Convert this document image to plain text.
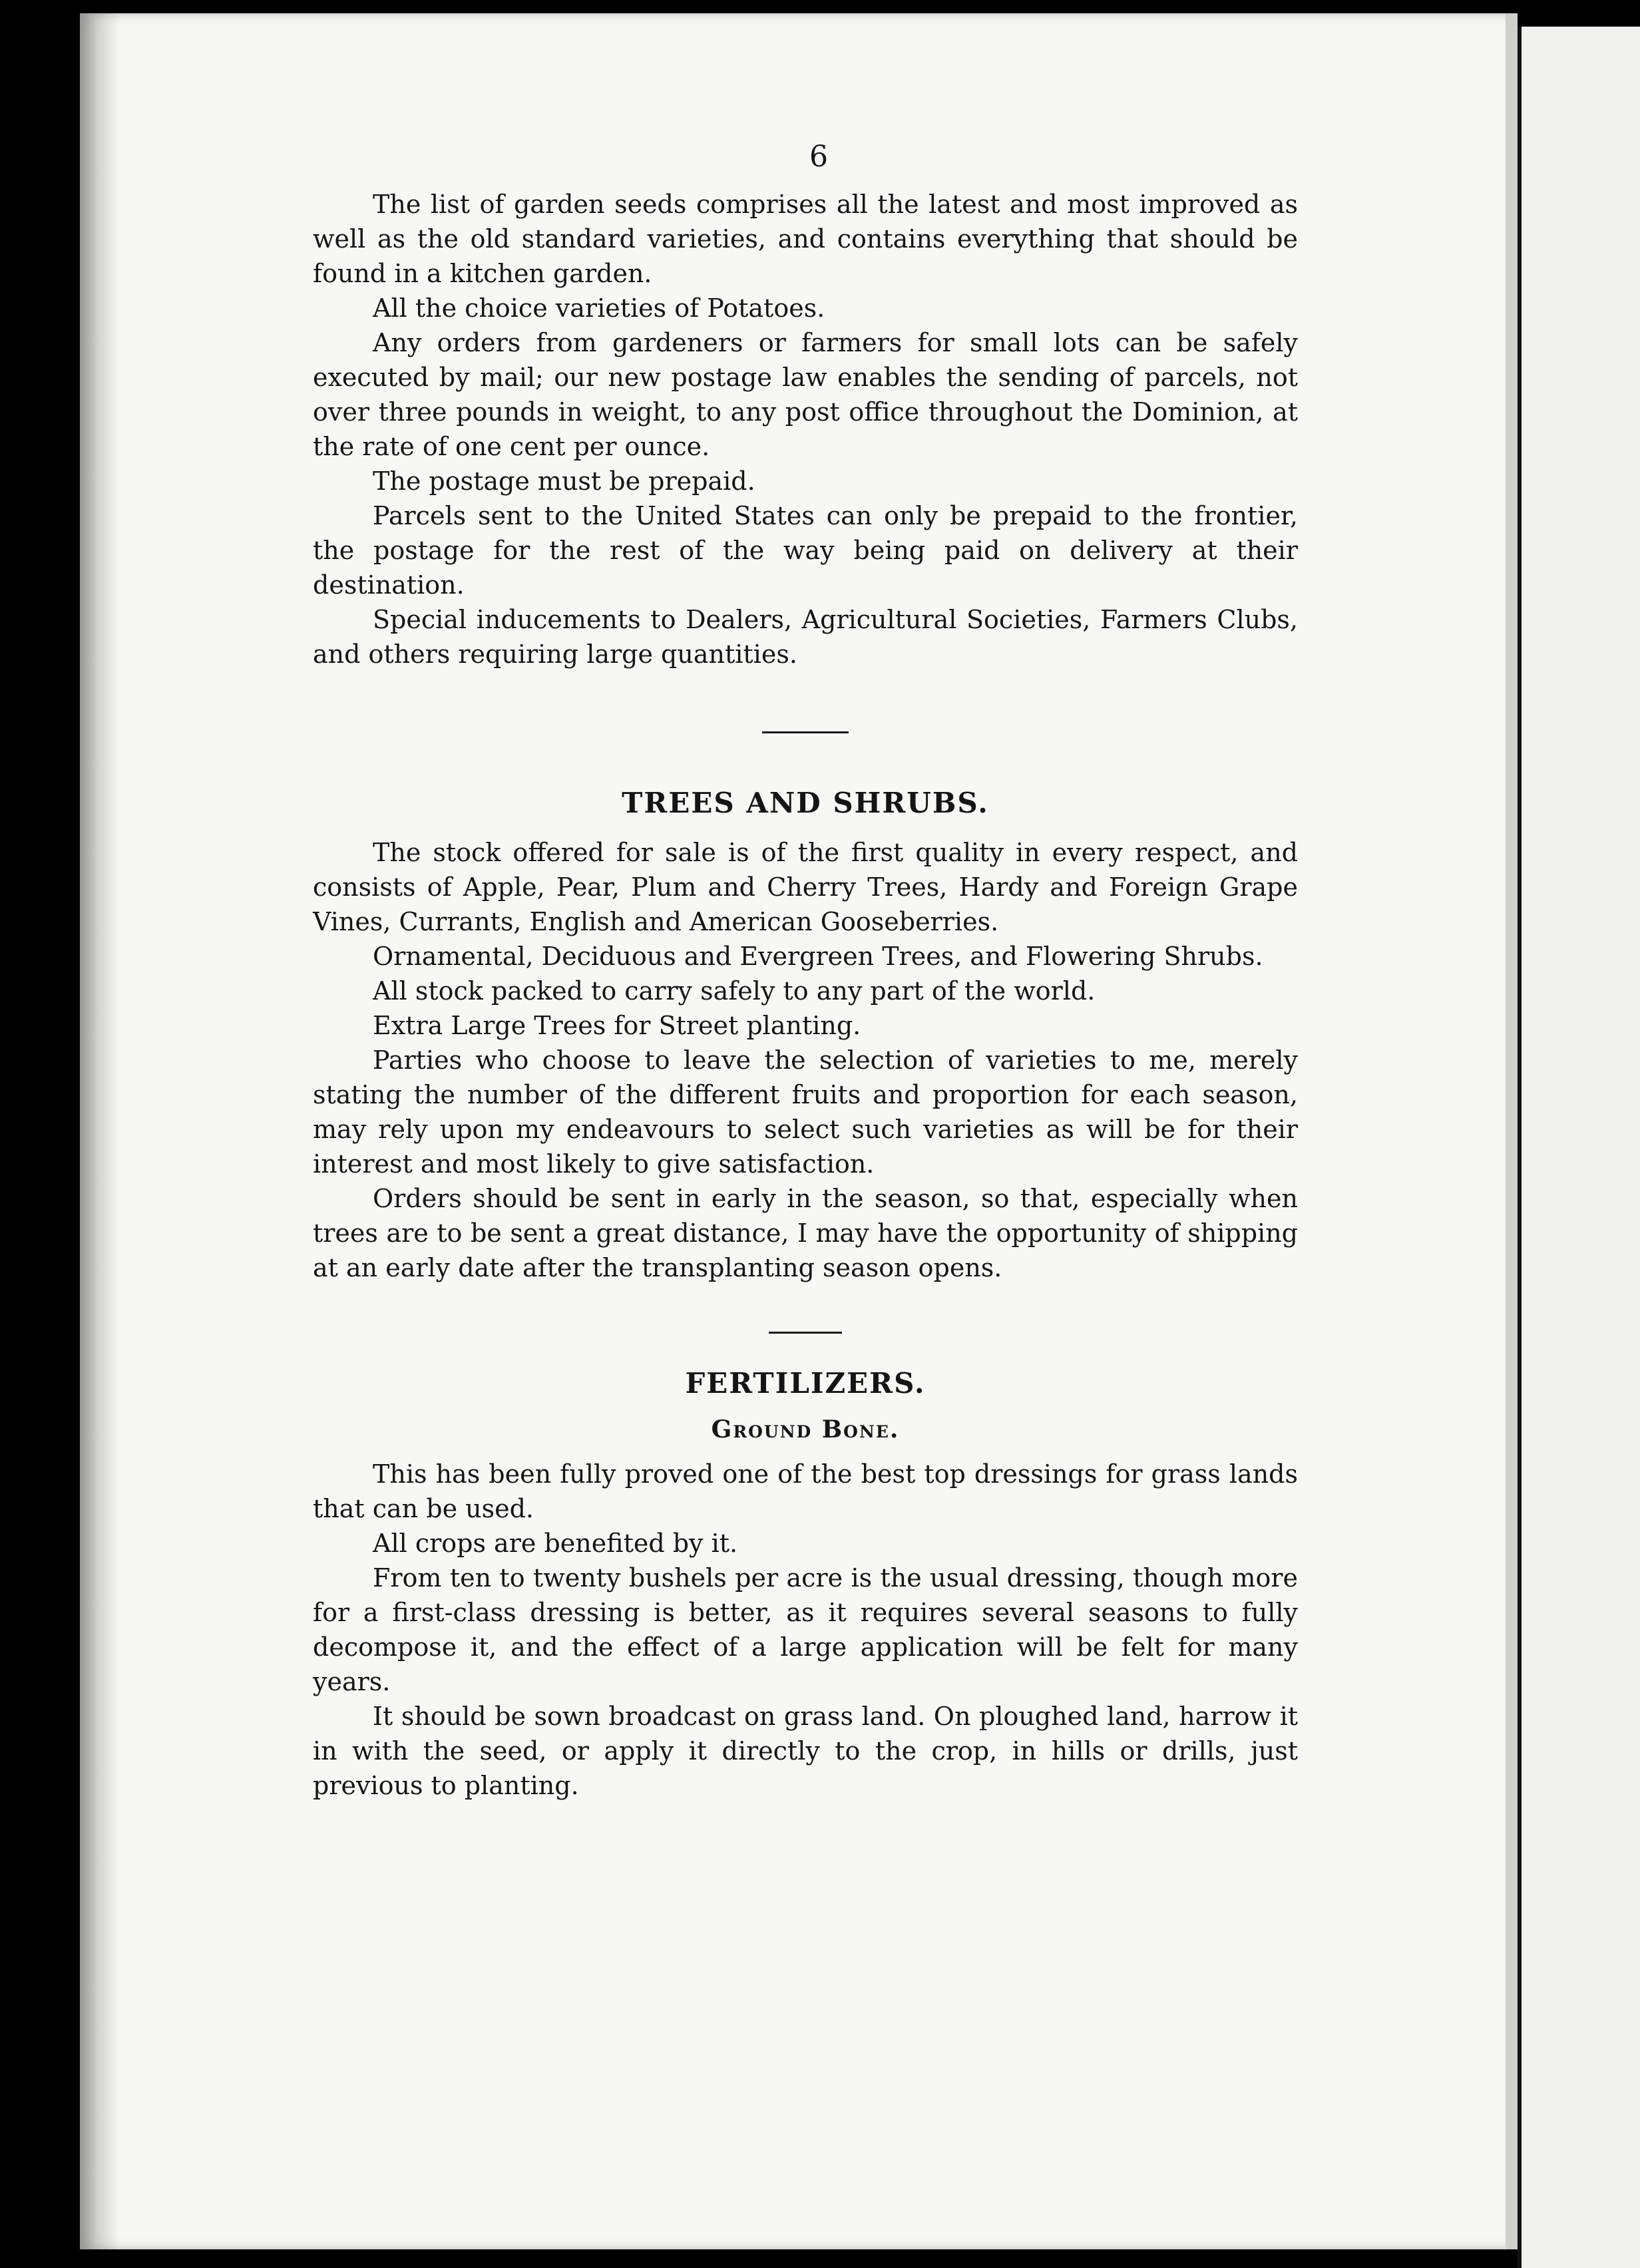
6

The list of garden seeds comprises all the latest and most improved as well as the old standard varieties, and contains everything that should be found in a kitchen garden.

All the choice varieties of Potatoes.

Any orders from gardeners or farmers for small lots can be safely executed by mail; our new postage law enables the sending of parcels, not over three pounds in weight, to any post office throughout the Dominion, at the rate of one cent per ounce.

The postage must be prepaid.

Parcels sent to the United States can only be prepaid to the frontier, the postage for the rest of the way being paid on delivery at their destination.

Special inducements to Dealers, Agricultural Societies, Farmers Clubs, and others requiring large quantities.

TREES AND SHRUBS.

The stock offered for sale is of the first quality in every respect, and consists of Apple, Pear, Plum and Cherry Trees, Hardy and Foreign Grape Vines, Currants, English and American Gooseberries.

Ornamental, Deciduous and Evergreen Trees, and Flowering Shrubs.

All stock packed to carry safely to any part of the world.

Extra Large Trees for Street planting.

Parties who choose to leave the selection of varieties to me, merely stating the number of the different fruits and proportion for each season, may rely upon my endeavours to select such varieties as will be for their interest and most likely to give satisfaction.

Orders should be sent in early in the season, so that, especially when trees are to be sent a great distance, I may have the opportunity of shipping at an early date after the transplanting season opens.

FERTILIZERS.
Ground Bone.

This has been fully proved one of the best top dressings for grass lands that can be used.

All crops are benefited by it.

From ten to twenty bushels per acre is the usual dressing, though more for a first-class dressing is better, as it requires several seasons to fully decompose it, and the effect of a large application will be felt for many years.

It should be sown broadcast on grass land. On ploughed land, harrow it in with the seed, or apply it directly to the crop, in hills or drills, just previous to planting.
